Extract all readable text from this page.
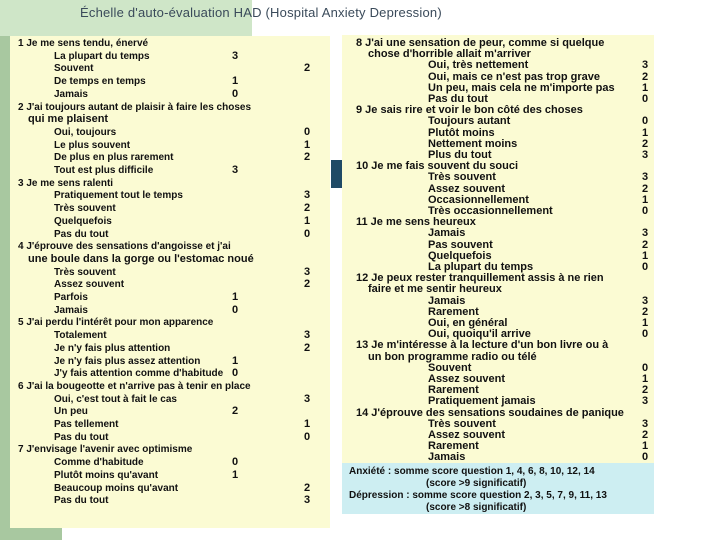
Échelle d'auto-évaluation HAD (Hospital Anxiety Depression)
1 Je me sens tendu, énervé
La plupart du temps	3
Souvent	2
De temps en temps	1
Jamais	0
2 J'ai toujours autant de plaisir à faire les choses
qui me plaisent
Oui, toujours	0
Le plus souvent	1
De plus en plus rarement	2
Tout est plus difficile	3
3 Je me sens ralenti
Pratiquement tout le temps	3
Très souvent	2
Quelquefois	1
Pas du tout	0
4 J'éprouve des sensations d'angoisse et j'ai
une boule dans la gorge ou l'estomac noué
Très souvent	3
Assez souvent	2
Parfois	1
Jamais	0
5 J'ai perdu l'intérêt pour mon apparence
Totalement	3
Je n'y fais plus attention	2
Je n'y fais plus assez attention	1
J'y fais attention comme d'habitude 0
6 J'ai la bougeotte et n'arrive pas à tenir en place
Oui, c'est tout à fait le cas	3
Un peu	2
Pas tellement	1
Pas du tout	0
7 J'envisage l'avenir avec optimisme
Comme d'habitude	0
Plutôt moins qu'avant	1
Beaucoup moins qu'avant	2
Pas du tout	3
8 J'ai une sensation de peur, comme si quelque
chose d'horrible allait m'arriver
Oui, très nettement	3
Oui, mais ce n'est pas trop grave	2
Un peu, mais cela ne m'importe pas 1
Pas du tout	0
9 Je sais rire et voir le bon côté des choses
Toujours autant	0
Plutôt moins	1
Nettement moins	2
Plus du tout	3
10 Je me fais souvent du souci
Très souvent	3
Assez souvent	2
Occasionnellement	1
Très occasionnellement	0
11 Je me sens heureux
Jamais	3
Pas souvent	2
Quelquefois	1
La plupart du temps	0
12 Je peux rester tranquillement assis à ne rien
faire et me sentir heureux
Jamais	3
Rarement	2
Oui, en général	1
Oui, quoiqu'il arrive	0
13 Je m'intéresse à la lecture d'un bon livre ou à
un bon programme radio ou télé
Souvent	0
Assez souvent	1
Rarement	2
Pratiquement jamais	3
14 J'éprouve des sensations soudaines de panique
Très souvent	3
Assez souvent	2
Rarement	1
Jamais	0
Anxiété : somme score question 1, 4, 6, 8, 10, 12, 14
(score >9 significatif)
Dépression : somme score question 2, 3, 5, 7, 9, 11, 13
(score >8 significatif)
